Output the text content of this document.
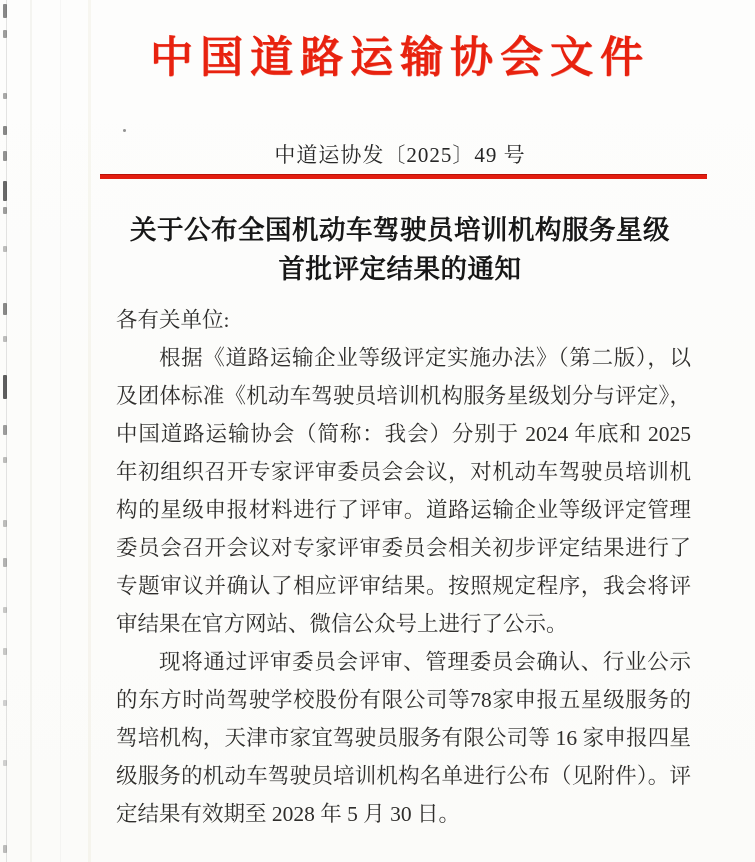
中国道路运输协会文件
中道运协发〔2025〕49 号
关于公布全国机动车驾驶员培训机构服务星级
首批评定结果的通知
各有关单位:

根据《道路运输企业等级评定实施办法》（第二版），以及团体标准《机动车驾驶员培训机构服务星级划分与评定》，中国道路运输协会（简称：我会）分别于 2024 年底和 2025 年初组织召开专家评审委员会会议，对机动车驾驶员培训机构的星级申报材料进行了评审。道路运输企业等级评定管理委员会召开会议对专家评审委员会相关初步评定结果进行了专题审议并确认了相应评审结果。按照规定程序，我会将评审结果在官方网站、微信公众号上进行了公示。

现将通过评审委员会评审、管理委员会确认、行业公示的东方时尚驾驶学校股份有限公司等78家申报五星级服务的驾培机构，天津市家宜驾驶员服务有限公司等 16 家申报四星级服务的机动车驾驶员培训机构名单进行公布（见附件）。评定结果有效期至 2028 年 5 月 30 日。
